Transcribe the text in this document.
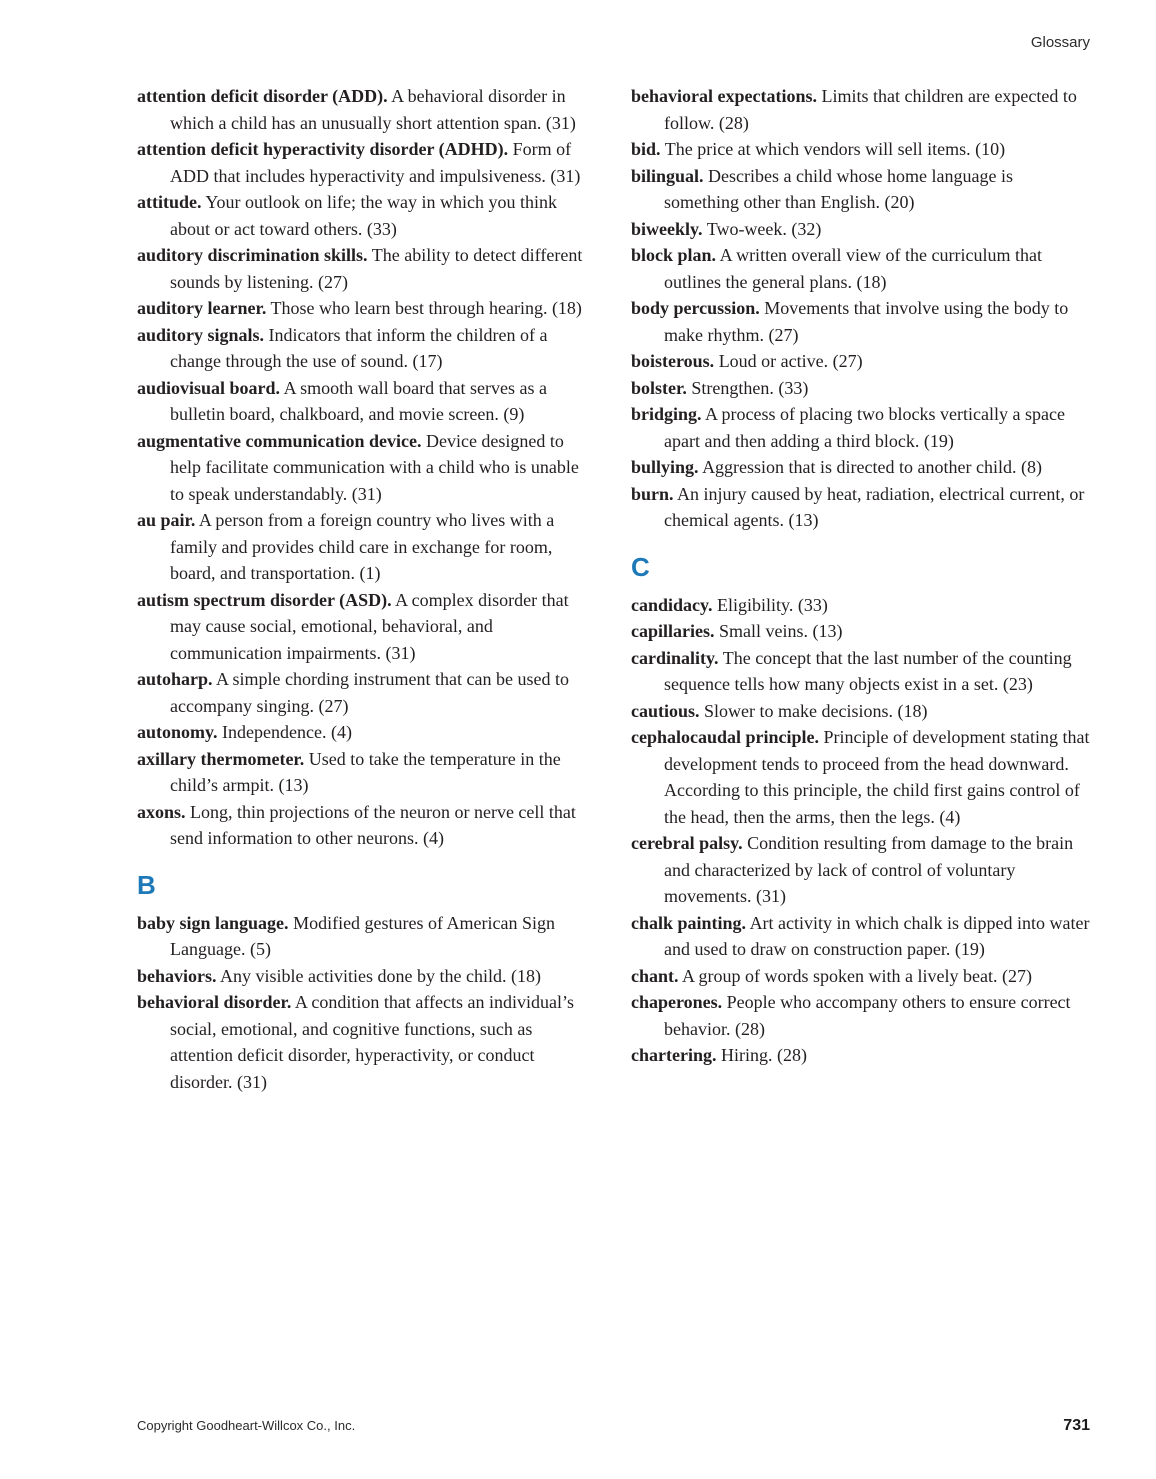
Glossary

attention deficit disorder (ADD). A behavioral disorder in which a child has an unusually short attention span. (31)

attention deficit hyperactivity disorder (ADHD). Form of ADD that includes hyperactivity and impulsiveness. (31)

attitude. Your outlook on life; the way in which you think about or act toward others. (33)

auditory discrimination skills. The ability to detect different sounds by listening. (27)

auditory learner. Those who learn best through hearing. (18)

auditory signals. Indicators that inform the children of a change through the use of sound. (17)

audiovisual board. A smooth wall board that serves as a bulletin board, chalkboard, and movie screen. (9)

augmentative communication device. Device designed to help facilitate communication with a child who is unable to speak understandably. (31)

au pair. A person from a foreign country who lives with a family and provides child care in exchange for room, board, and transportation. (1)

autism spectrum disorder (ASD). A complex disorder that may cause social, emotional, behavioral, and communication impairments. (31)

autoharp. A simple chording instrument that can be used to accompany singing. (27)

autonomy. Independence. (4)

axillary thermometer. Used to take the temperature in the child’s armpit. (13)

axons. Long, thin projections of the neuron or nerve cell that send information to other neurons. (4)

B

baby sign language. Modified gestures of American Sign Language. (5)

behaviors. Any visible activities done by the child. (18)

behavioral disorder. A condition that affects an individual’s social, emotional, and cognitive functions, such as attention deficit disorder, hyperactivity, or conduct disorder. (31)

behavioral expectations. Limits that children are expected to follow. (28)

bid. The price at which vendors will sell items. (10)

bilingual. Describes a child whose home language is something other than English. (20)

biweekly. Two-week. (32)

block plan. A written overall view of the curriculum that outlines the general plans. (18)

body percussion. Movements that involve using the body to make rhythm. (27)

boisterous. Loud or active. (27)

bolster. Strengthen. (33)

bridging. A process of placing two blocks vertically a space apart and then adding a third block. (19)

bullying. Aggression that is directed to another child. (8)

burn. An injury caused by heat, radiation, electrical current, or chemical agents. (13)

C

candidacy. Eligibility. (33)

capillaries. Small veins. (13)

cardinality. The concept that the last number of the counting sequence tells how many objects exist in a set. (23)

cautious. Slower to make decisions. (18)

cephalocaudal principle. Principle of development stating that development tends to proceed from the head downward. According to this principle, the child first gains control of the head, then the arms, then the legs. (4)

cerebral palsy. Condition resulting from damage to the brain and characterized by lack of control of voluntary movements. (31)

chalk painting. Art activity in which chalk is dipped into water and used to draw on construction paper. (19)

chant. A group of words spoken with a lively beat. (27)

chaperones. People who accompany others to ensure correct behavior. (28)

chartering. Hiring. (28)

Copyright Goodheart-Willcox Co., Inc.	731
